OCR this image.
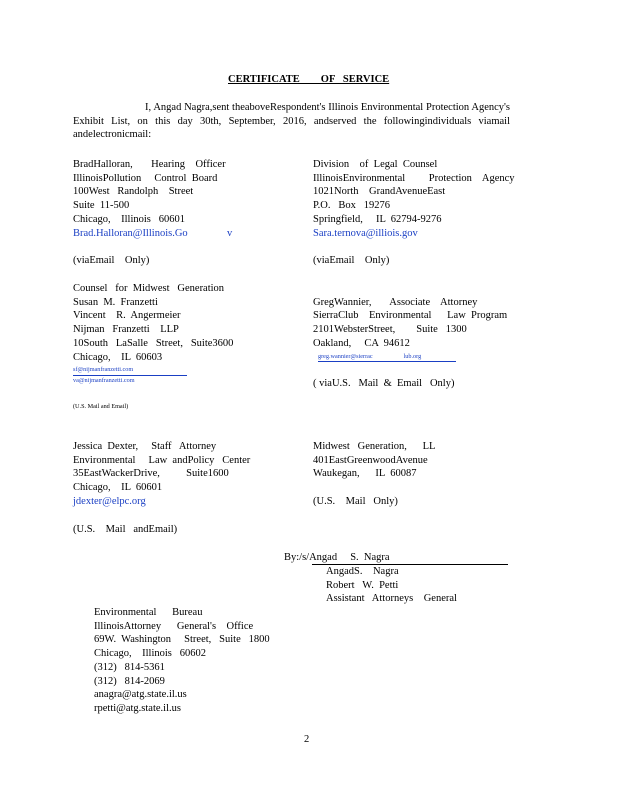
CERTIFICATE        OF   SERVICE
I, Angad Nagra,sent theaboveRespondent's Illinois Environmental Protection Agency's Exhibit List, on this day 30th, September, 2016, andserved the followingindividuals viamail andelectronicmail:
BradHalloran,       Hearing    Officer
IllinoisPollution     Control  Board
100West   Randolph    Street
Suite  11-500
Chicago,    Illinois   60601
Brad.Halloran@Illinois.Go               v
(viaEmail    Only)
Division    of  Legal  Counsel
IllinoisEnvironmental         Protection    Agency
1021North    GrandAvenueEast
P.O.   Box   19276
Springfield,     IL  62794-9276
Sara.ternova@illiois.gov
(viaEmail    Only)
Counsel   for  Midwest   Generation
Susan  M.  Franzetti
Vincent    R.  Angermeier
Nijman   Franzetti    LLP
10South   LaSalle   Street,   Suite3600
Chicago,    IL  60603
sf@nijmanfranzetti.com
va@nijmanfranzetti.com
(U.S. Mail and Email)
GregWannier,       Associate    Attorney
SierraClub    Environmental      Law  Program
2101WebsterStreet,        Suite   1300
Oakland,     CA  94612
greg.wannier@sierrac                    lub.org
( viaU.S.   Mail  &  Email   Only)
Jessica  Dexter,     Staff   Attorney
Environmental     Law  andPolicy   Center
35EastWackerDrive,          Suite1600
Chicago,    IL  60601
jdexter@elpc.org
(U.S.    Mail   andEmail)
Midwest   Generation,      LL
401EastGreenwoodAvenue
Waukegan,      IL  60087
(U.S.    Mail   Only)
By:/s/Angad     S.  Nagra
AngadS.    Nagra
Robert   W.  Petti
Assistant   Attorneys    General
Environmental      Bureau
IllinoisAttorney      General's    Office
69W.  Washington     Street,   Suite   1800
Chicago,    Illinois   60602
(312)   814-5361
(312)   814-2069
anagra@atg.state.il.us
rpetti@atg.state.il.us
2
